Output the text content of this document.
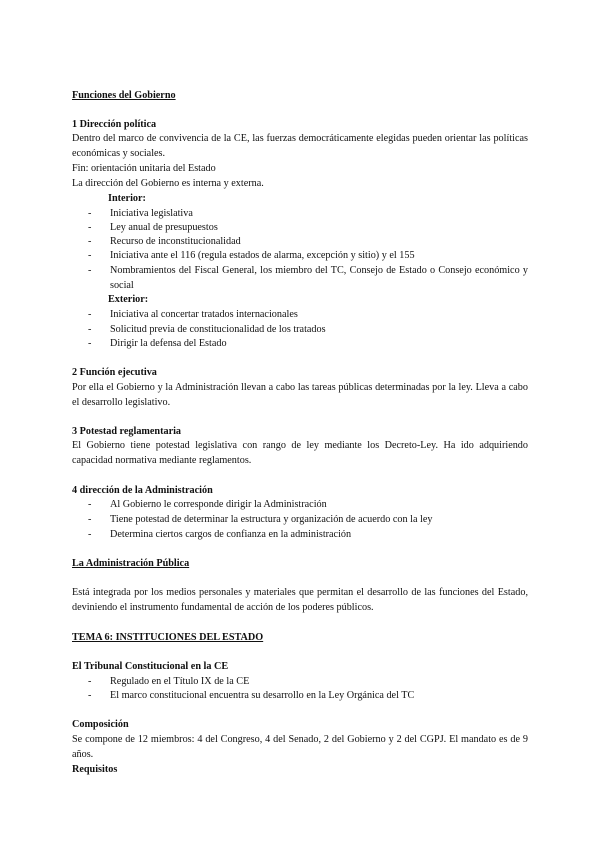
Funciones del Gobierno
1 Dirección política
Dentro del marco de convivencia de la CE, las fuerzas democráticamente elegidas pueden orientar las políticas económicas y sociales.
Fin: orientación unitaria del Estado
La dirección del Gobierno es interna y externa.
Interior:
- Iniciativa legislativa
- Ley anual de presupuestos
- Recurso de inconstitucionalidad
- Iniciativa ante el 116 (regula estados de alarma, excepción y sitio) y el 155
- Nombramientos del Fiscal General, los miembro del TC, Consejo de Estado o Consejo económico y social
Exterior:
- Iniciativa al concertar tratados internacionales
- Solicitud previa de constitucionalidad de los tratados
- Dirigir la defensa del Estado
2 Función ejecutiva
Por ella el Gobierno y la Administración llevan a cabo las tareas públicas determinadas por la ley. Lleva a cabo el desarrollo legislativo.
3 Potestad reglamentaria
El Gobierno tiene potestad legislativa con rango de ley mediante los Decreto-Ley. Ha ido adquiriendo capacidad normativa mediante reglamentos.
4 dirección de la Administración
- Al Gobierno le corresponde dirigir la Administración
- Tiene potestad de determinar la estructura y organización de acuerdo con la ley
- Determina ciertos cargos de confianza en la administración
La Administración Pública
Está integrada por los medios personales y materiales que permitan el desarrollo de las funciones del Estado, deviniendo el instrumento fundamental de acción de los poderes públicos.
TEMA 6: INSTITUCIONES DEL ESTADO
El Tribunal Constitucional en la CE
- Regulado en el Título IX de la CE
- El marco constitucional encuentra su desarrollo en la Ley Orgánica del TC
Composición
Se compone de 12 miembros: 4 del Congreso, 4 del Senado, 2 del Gobierno y 2 del CGPJ. El mandato es de 9 años.
Requisitos
